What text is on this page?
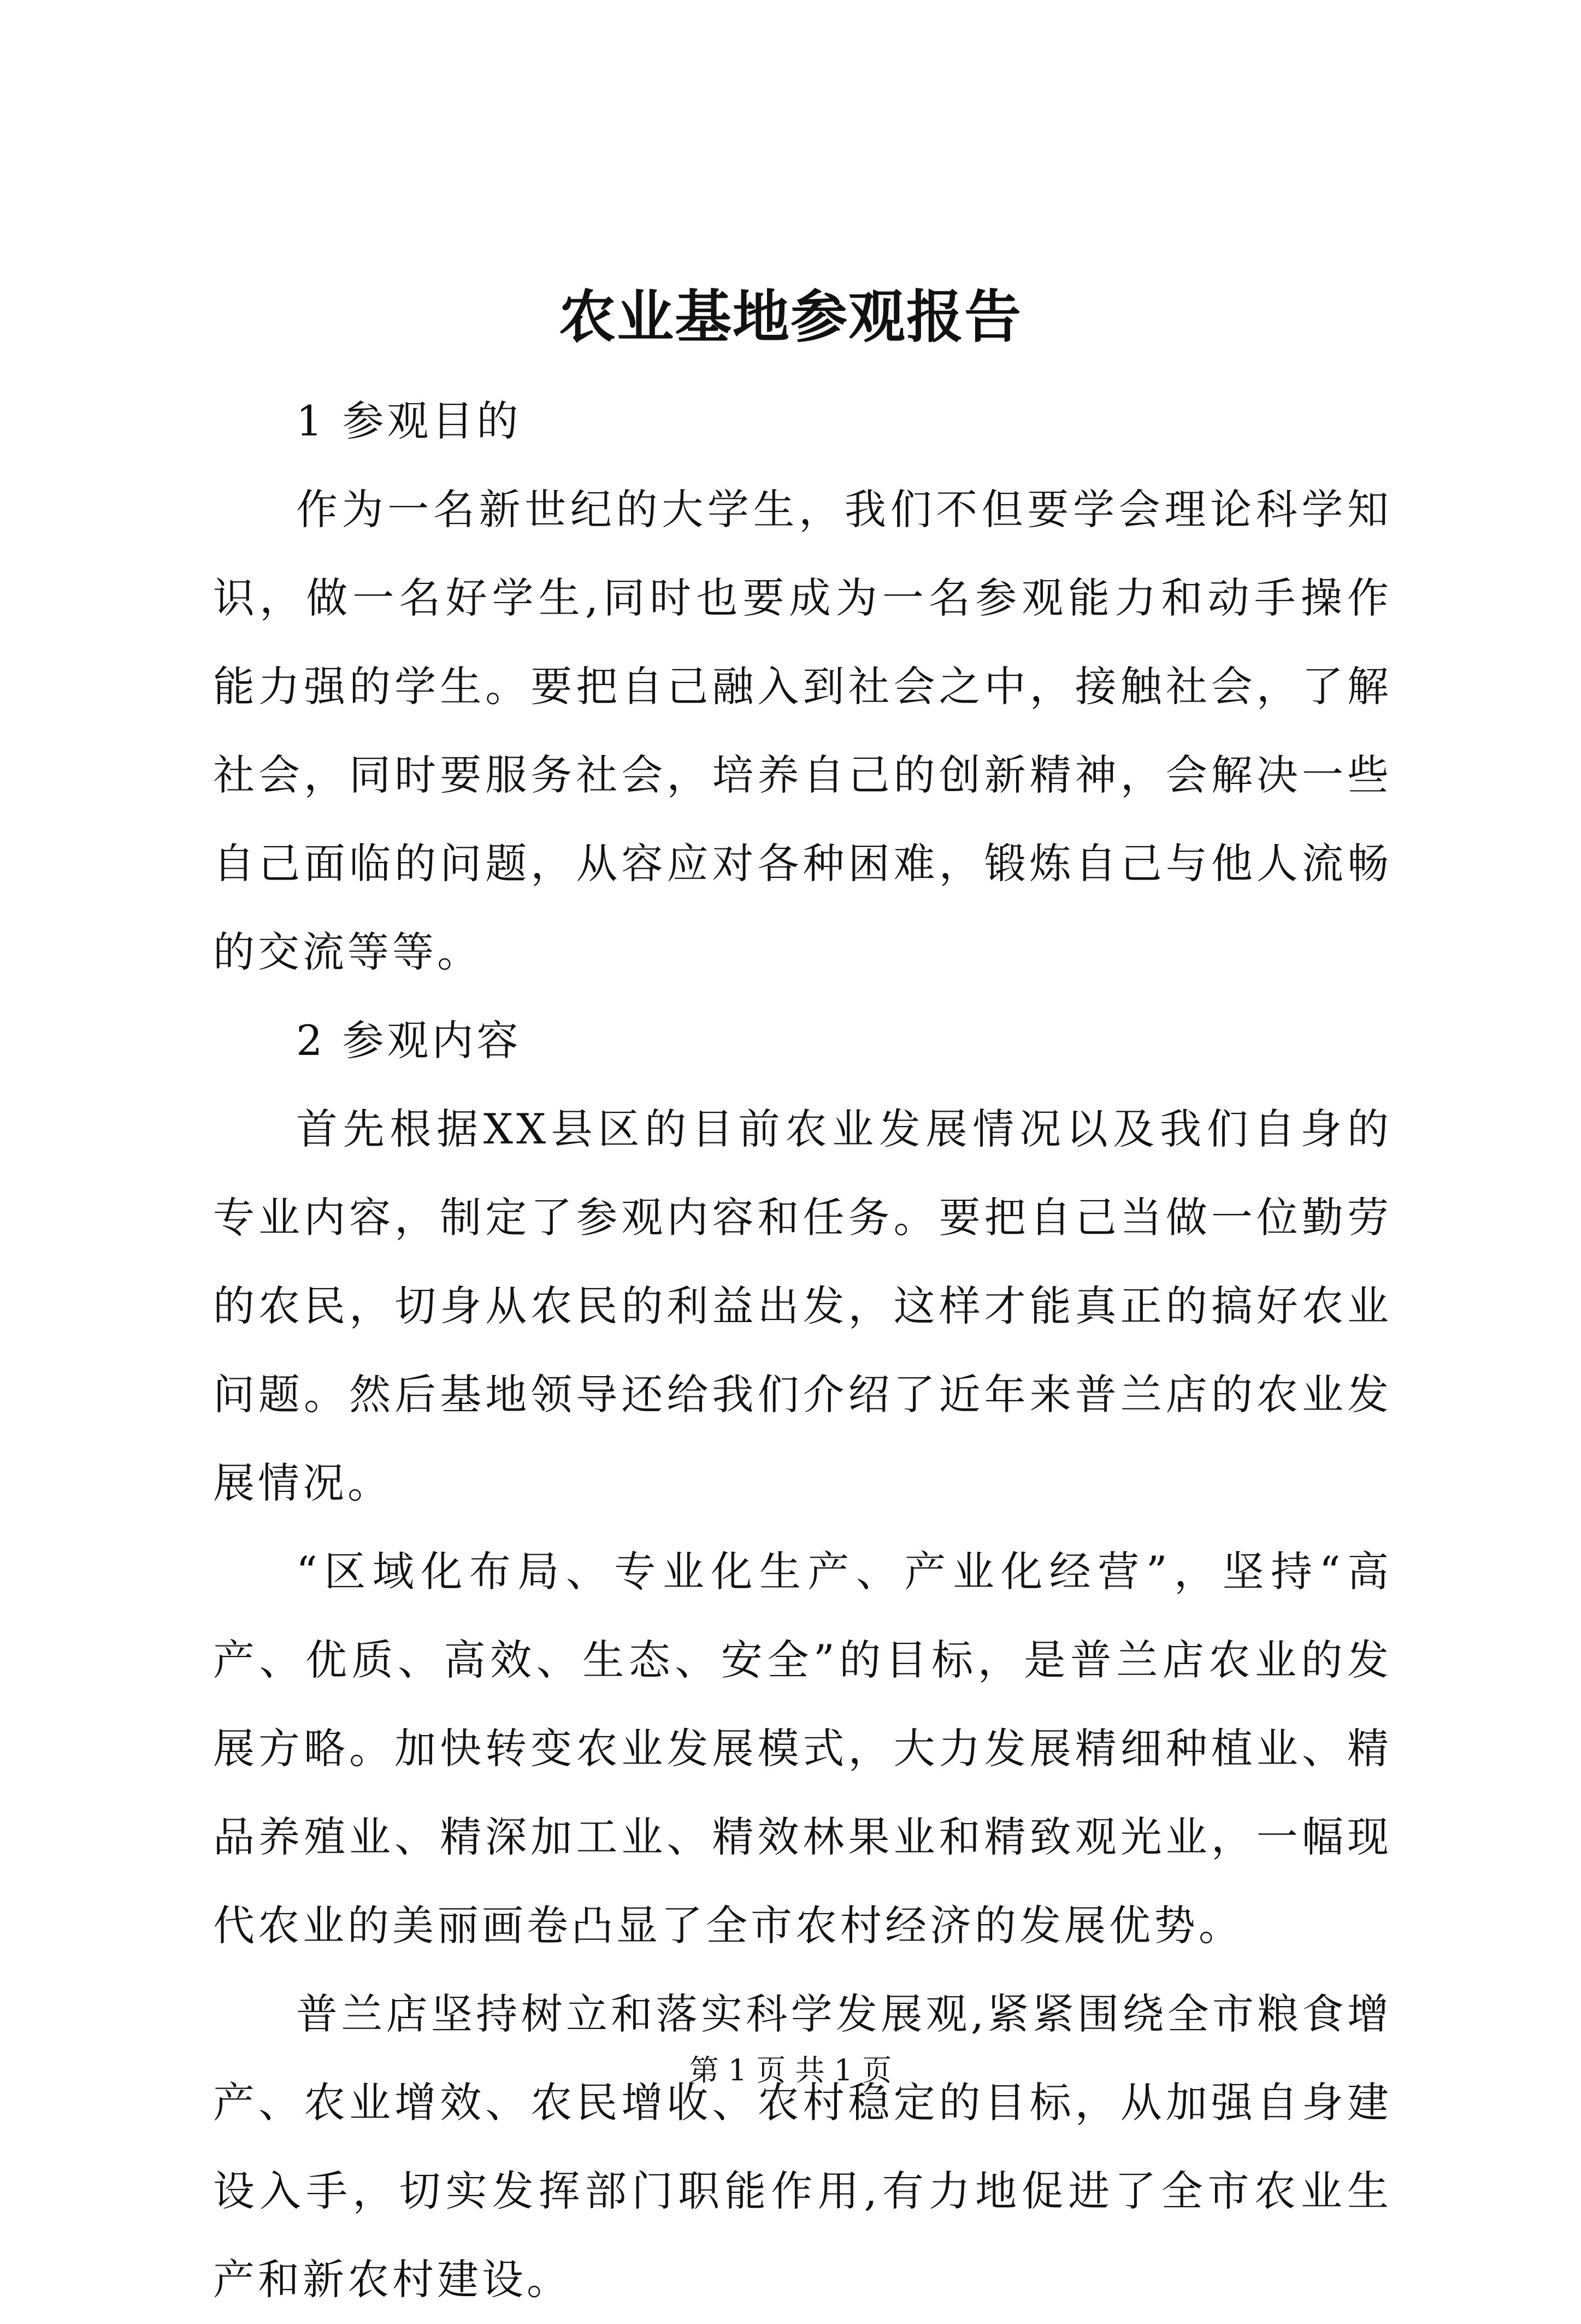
农业基地参观报告

1 参观目的

作为一名新世纪的大学生，我们不但要学会理论科学知识，做一名好学生,同时也要成为一名参观能力和动手操作能力强的学生。要把自己融入到社会之中，接触社会，了解社会，同时要服务社会，培养自己的创新精神，会解决一些自己面临的问题，从容应对各种困难，锻炼自己与他人流畅的交流等等。

2 参观内容

首先根据XX县区的目前农业发展情况以及我们自身的专业内容，制定了参观内容和任务。要把自己当做一位勤劳的农民，切身从农民的利益出发，这样才能真正的搞好农业问题。然后基地领导还给我们介绍了近年来普兰店的农业发展情况。

“区域化布局、专业化生产、产业化经营”，坚持“高产、优质、高效、生态、安全”的目标，是普兰店农业的发展方略。加快转变农业发展模式，大力发展精细种植业、精品养殖业、精深加工业、精效林果业和精致观光业，一幅现代农业的美丽画卷凸显了全市农村经济的发展优势。

普兰店坚持树立和落实科学发展观,紧紧围绕全市粮食增产、农业增效、农民增收、农村稳定的目标，从加强自身建设入手，切实发挥部门职能作用,有力地促进了全市农业生产和新农村建设。

第 1 页 共 1 页
